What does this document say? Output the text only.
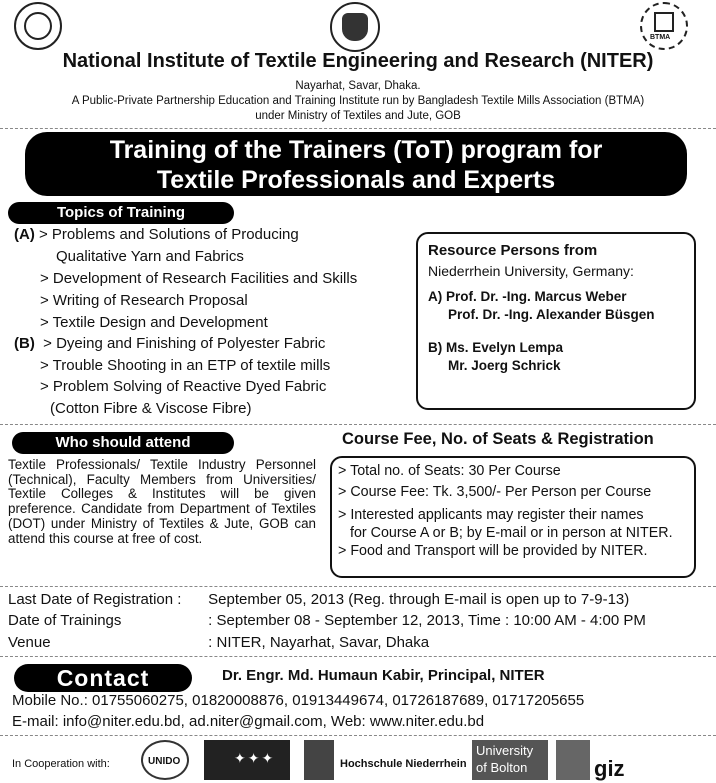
BTMA
National Institute of Textile Engineering and Research (NITER)
Nayarhat, Savar, Dhaka.
A Public-Private Partnership Education and Training Institute run by Bangladesh Textile Mills Association (BTMA)
under Ministry of Textiles and Jute, GOB
Training of the Trainers (ToT) program for
Textile Professionals and Experts
Topics of Training
(A) > Problems and Solutions of Producing
Qualitative Yarn and Fabrics
> Development of Research Facilities and Skills
> Writing of Research Proposal
> Textile Design and Development
(B) > Dyeing and Finishing of Polyester Fabric
> Trouble Shooting in an ETP of textile mills
> Problem Solving of Reactive Dyed Fabric
(Cotton Fibre & Viscose Fibre)
Resource Persons from
Niederrhein University, Germany:
A) Prof. Dr. -Ing. Marcus Weber
Prof. Dr. -Ing. Alexander Büsgen
B) Ms. Evelyn Lempa
Mr. Joerg Schrick
Who should attend
Textile Professionals/ Textile Industry Personnel (Technical), Faculty Members from Universities/ Textile Colleges & Institutes will be given preference. Candidate from Department of Textiles (DOT) under Ministry of Textiles & Jute, GOB can attend this course at free of cost.
Course Fee, No. of Seats & Registration
> Total no. of Seats: 30 Per Course
> Course Fee: Tk. 3,500/- Per Person per Course
> Interested applicants may register their names
for Course A or B; by E-mail or in person at NITER.
> Food and Transport will be provided by NITER.
Last Date of Registration : September 05, 2013 (Reg. through E-mail is open up to 7-9-13)
Date of Trainings	: September 08 - September 12, 2013, Time : 10:00 AM - 4:00 PM
Venue	: NITER, Nayarhat, Savar, Dhaka
Contact	Dr. Engr. Md. Humaun Kabir, Principal, NITER
Mobile No.: 01755060275, 01820008876, 01913449674, 01726187689, 01717205655
E-mail: info@niter.edu.bd, ad.niter@gmail.com, Web: www.niter.edu.bd
In Cooperation with:	UNIDO	✦✦✦	Hochschule Niederrhein
University
of Bolton	giz
